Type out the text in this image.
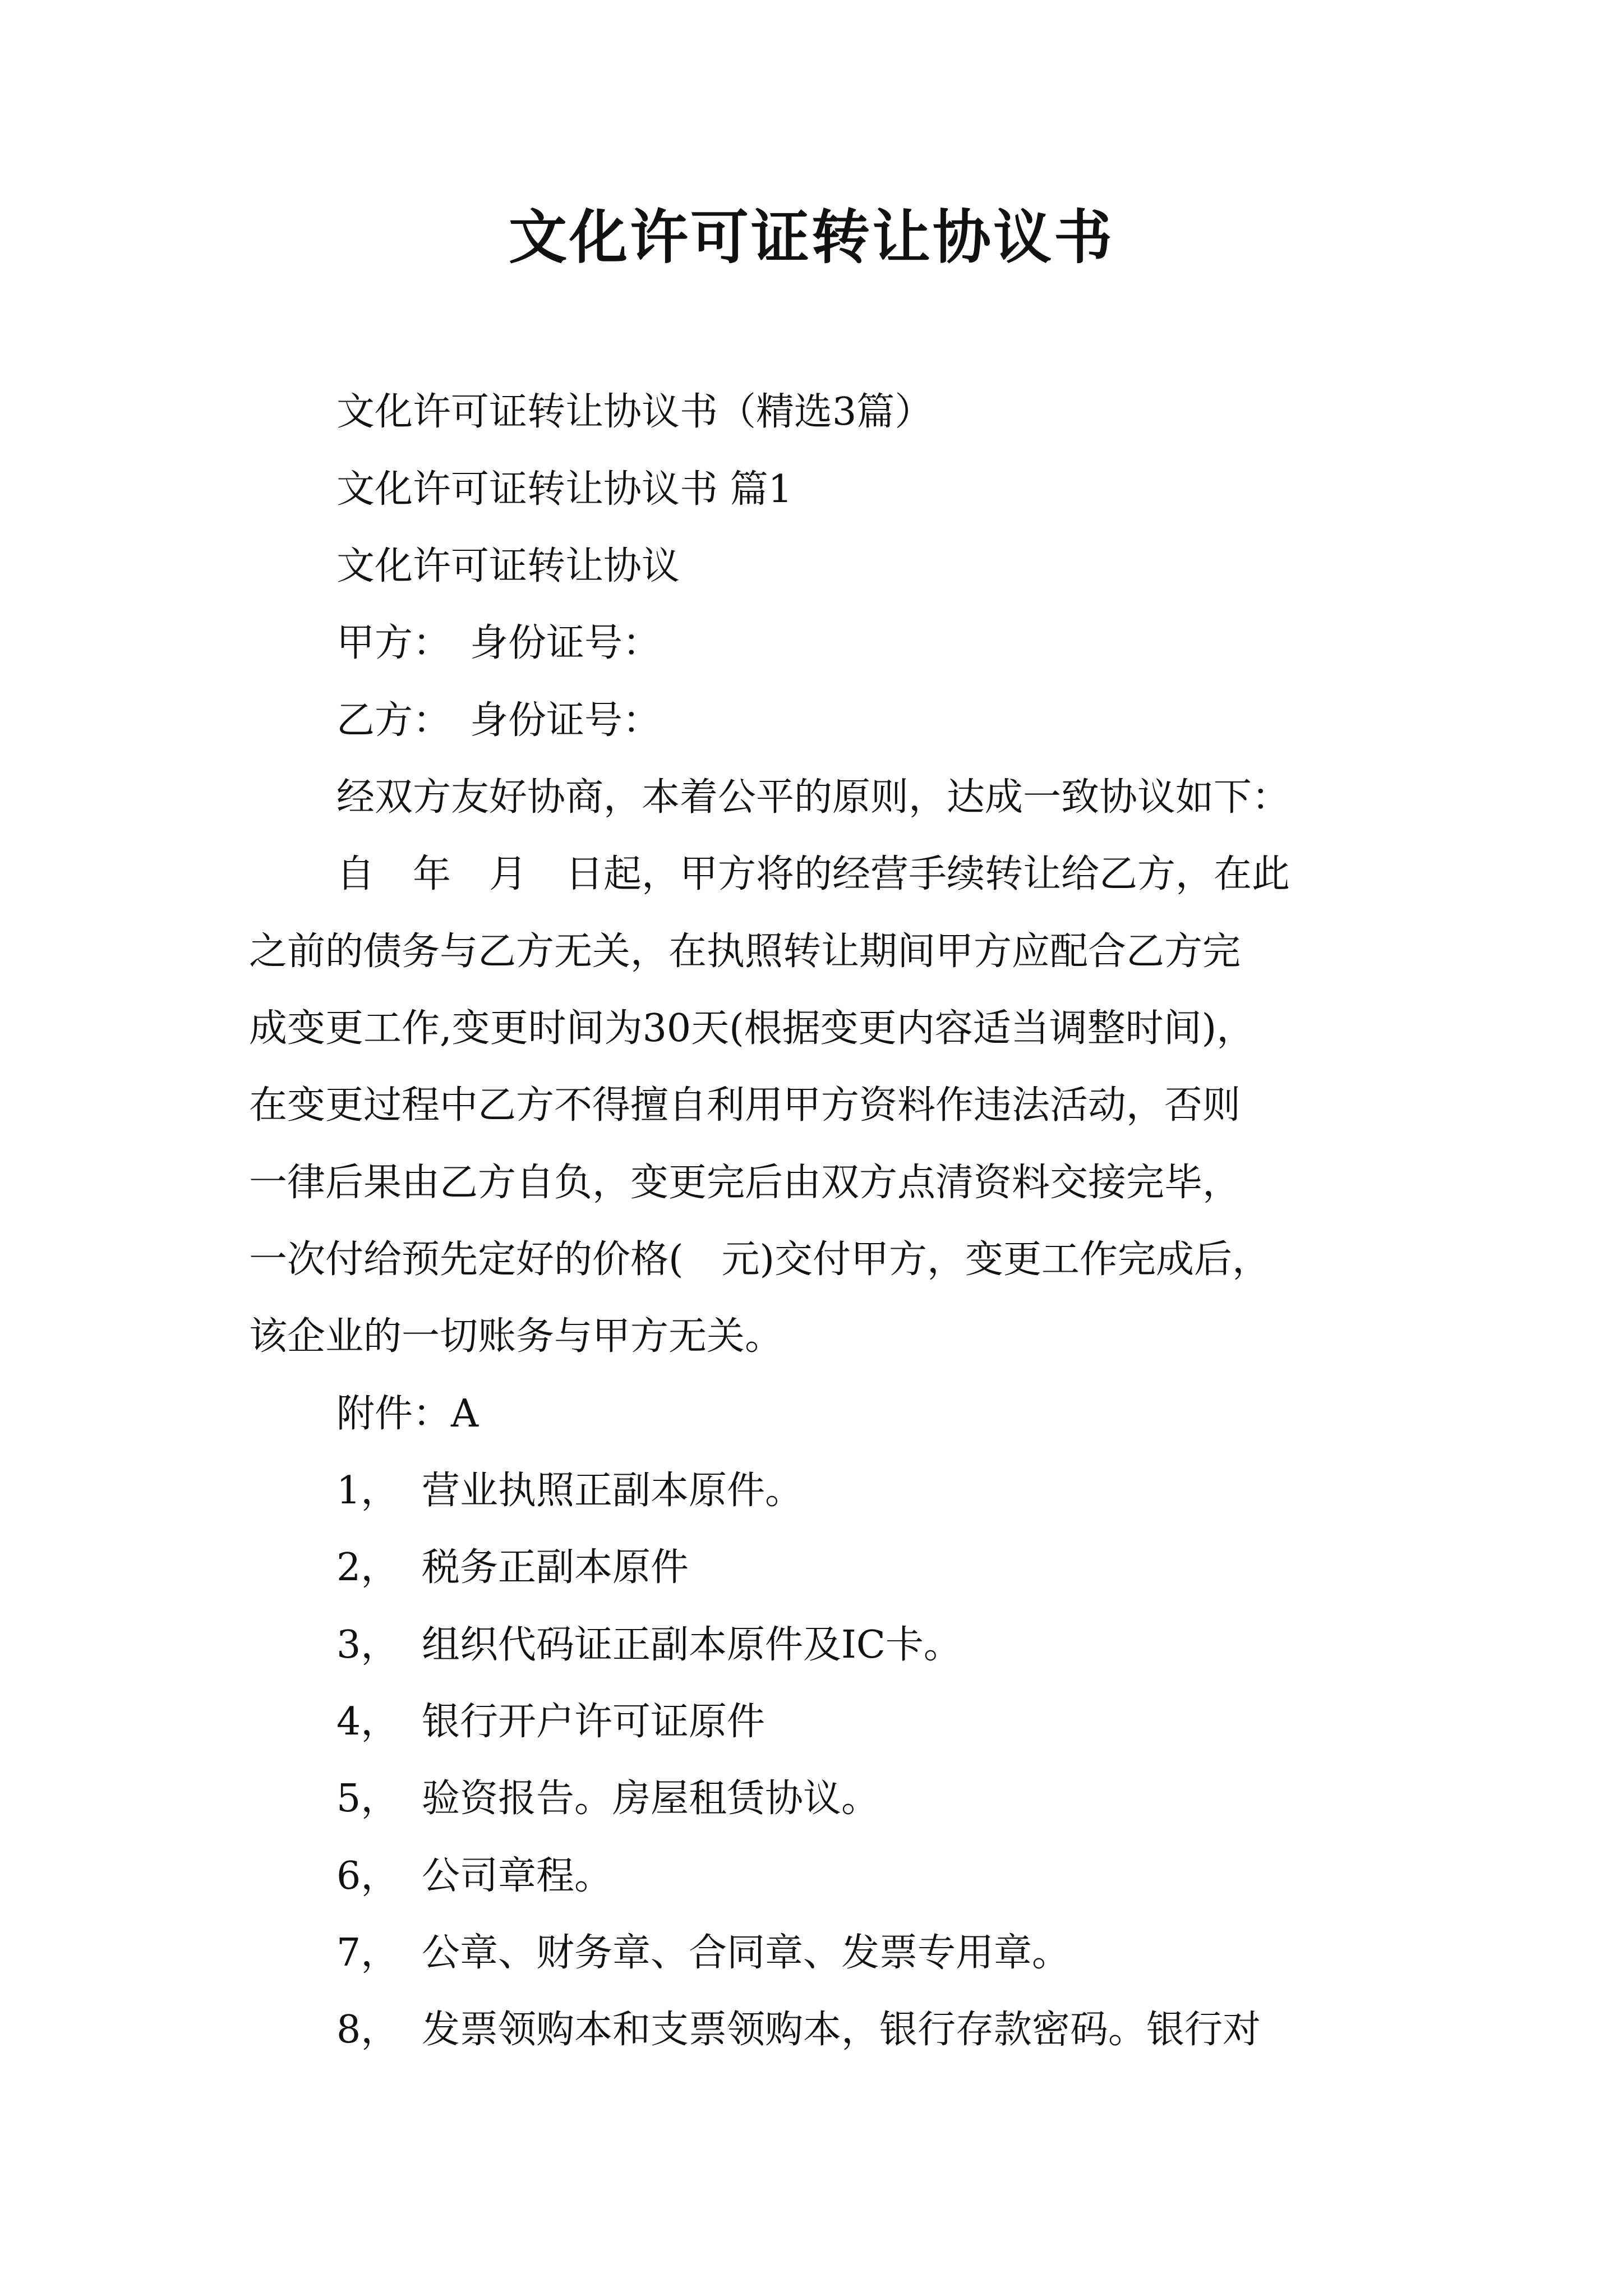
文化许可证转让协议书
文化许可证转让协议书（精选3篇）
文化许可证转让协议书 篇1
文化许可证转让协议
甲方：　身份证号：
乙方：　身份证号：
经双方友好协商，本着公平的原则，达成一致协议如下：
自　年　月　日起，甲方将的经营手续转让给乙方，在此
之前的债务与乙方无关，在执照转让期间甲方应配合乙方完
成变更工作,变更时间为30天(根据变更内容适当调整时间)，
在变更过程中乙方不得擅自利用甲方资料作违法活动，否则
一律后果由乙方自负，变更完后由双方点清资料交接完毕，
一次付给预先定好的价格(　元)交付甲方，变更工作完成后，
该企业的一切账务与甲方无关。
附件：A
1， 营业执照正副本原件。
2， 税务正副本原件
3， 组织代码证正副本原件及IC卡。
4， 银行开户许可证原件
5， 验资报告。房屋租赁协议。
6， 公司章程。
7， 公章、财务章、合同章、发票专用章。
8， 发票领购本和支票领购本，银行存款密码。银行对
